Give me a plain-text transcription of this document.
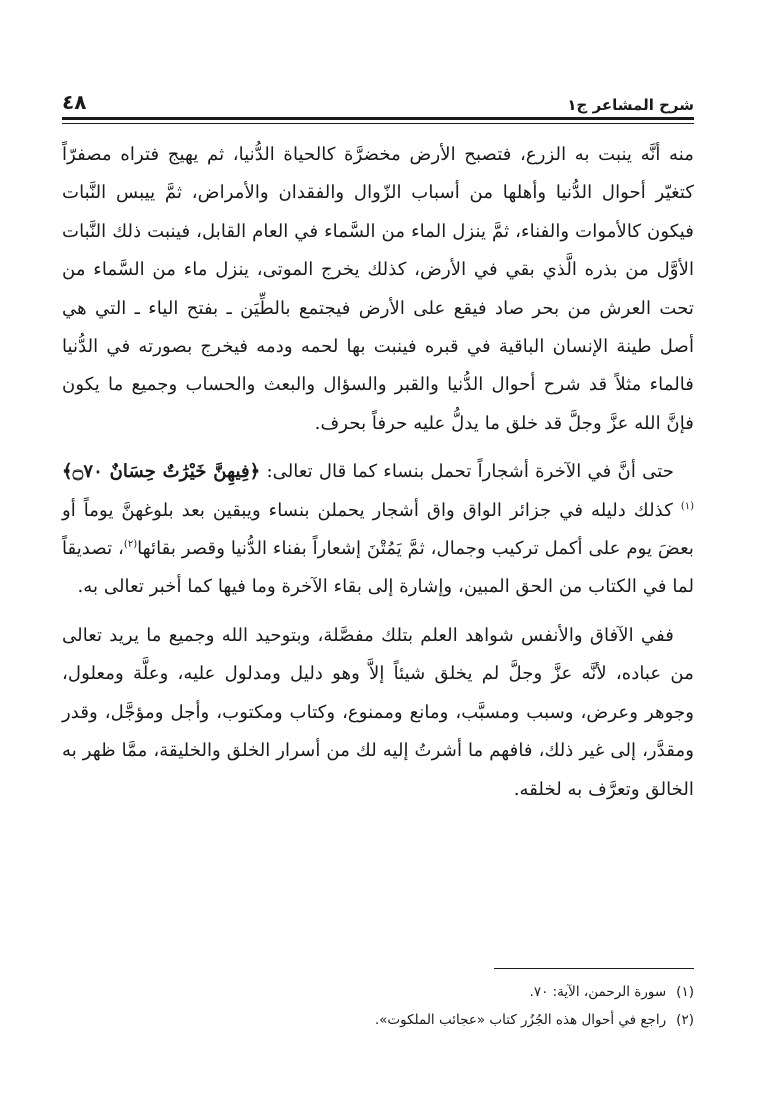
شرح المشاعر ج١
٤٨

منه أنَّه ينبت به الزرع، فتصبح الأرض مخضرَّة كالحياة الدُّنيا، ثم يهيج فتراه مصفرّاً كتغيّر أحوال الدُّنيا وأهلها من أسباب الزّوال والفقدان والأمراض، ثمَّ ييبس النَّبات فيكون كالأموات والفناء، ثمَّ ينزل الماء من السَّماء في العام القابل، فينبت ذلك النَّبات الأوَّل من بذره الَّذي بقي في الأرض، كذلك يخرج الموتى، ينزل ماء من السَّماء من تحت العرش من بحر صاد فيقع على الأرض فيجتمع بالطِّيَن ـ بفتح الياء ـ التي هي أصل طينة الإنسان الباقية في قبره فينبت بها لحمه ودمه فيخرج بصورته في الدُّنيا فالماء مثلاً قد شرح أحوال الدُّنيا والقبر والسؤال والبعث والحساب وجميع ما يكون فإنَّ الله عزَّ وجلَّ قد خلق ما يدلُّ عليه حرفاً بحرف.

حتى أنَّ في الآخرة أشجاراً تحمل بنساء كما قال تعالى: ﴿فِيهِنَّ خَيْرَٰتٌ حِسَانٌ ۝٧٠﴾$^{(١)}$ كذلك دليله في جزائر الواق واق أشجار يحملن بنساء ويبقين بعد بلوغهنَّ يوماً أو بعضَ يوم على أكمل تركيب وجمال، ثمَّ يَمُتْنَ إشعاراً بفناء الدُّنيا وقصر بقائها$^{(٢)}$، تصديقاً لما في الكتاب من الحق المبين، وإشارة إلى بقاء الآخرة وما فيها كما أخبر تعالى به.

ففي الآفاق والأنفس شواهد العلم بتلك مفصَّلة، وبتوحيد الله وجميع ما يريد تعالى من عباده، لأنَّه عزَّ وجلَّ لم يخلق شيئاً إلاَّ وهو دليل ومدلول عليه، وعلَّة ومعلول، وجوهر وعرض، وسبب ومسبَّب، ومانع وممنوع، وكتاب ومكتوب، وأجل ومؤجَّل، وقدر ومقدَّر، إلى غير ذلك، فافهم ما أشرتُ إليه لك من أسرار الخلق والخليقة، ممَّا ظهر به الخالق وتعرَّف به لخلقه.

(١)سورة الرحمن، الآية: ٧٠.

(٢)راجع في أحوال هذه الجُزُر كتاب «عجائب الملكوت».
